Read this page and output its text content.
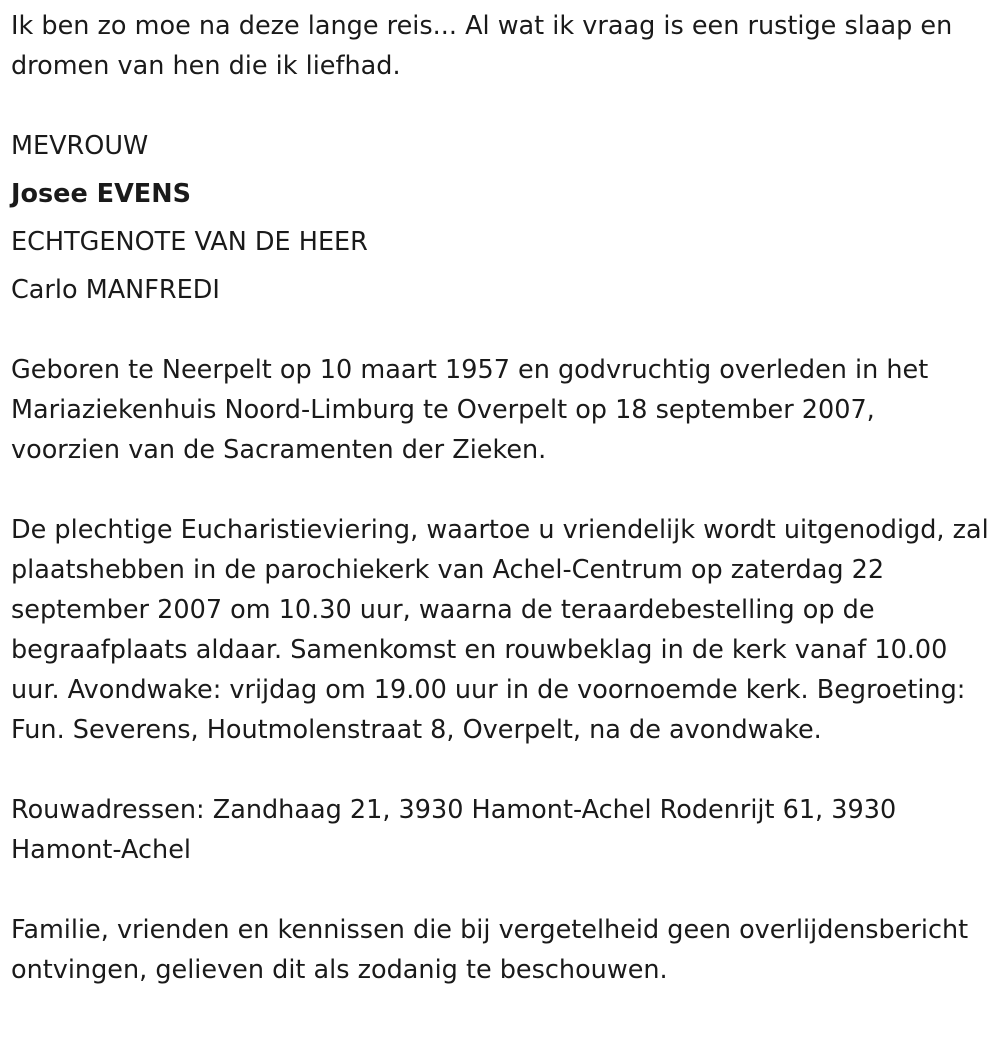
Ik ben zo moe na deze lange reis... Al wat ik vraag is een rustige slaap en dromen van hen die ik liefhad.

MEVROUW

Josee EVENS

ECHTGENOTE VAN DE HEER

Carlo MANFREDI

Geboren te Neerpelt op 10 maart 1957 en godvruchtig overleden in het Mariaziekenhuis Noord-Limburg te Overpelt op 18 september 2007, voorzien van de Sacramenten der Zieken.

De plechtige Eucharistieviering, waartoe u vriendelijk wordt uitgenodigd, zal plaatshebben in de parochiekerk van Achel-Centrum op zaterdag 22 september 2007 om 10.30 uur, waarna de teraardebestelling op de begraafplaats aldaar. Samenkomst en rouwbeklag in de kerk vanaf 10.00 uur. Avondwake: vrijdag om 19.00 uur in de voornoemde kerk. Begroeting: Fun. Severens, Houtmolenstraat 8, Overpelt, na de avondwake.

Rouwadressen: Zandhaag 21, 3930 Hamont-Achel Rodenrijt 61, 3930 Hamont-Achel

Familie, vrienden en kennissen die bij vergetelheid geen overlijdensbericht ontvingen, gelieven dit als zodanig te beschouwen.
